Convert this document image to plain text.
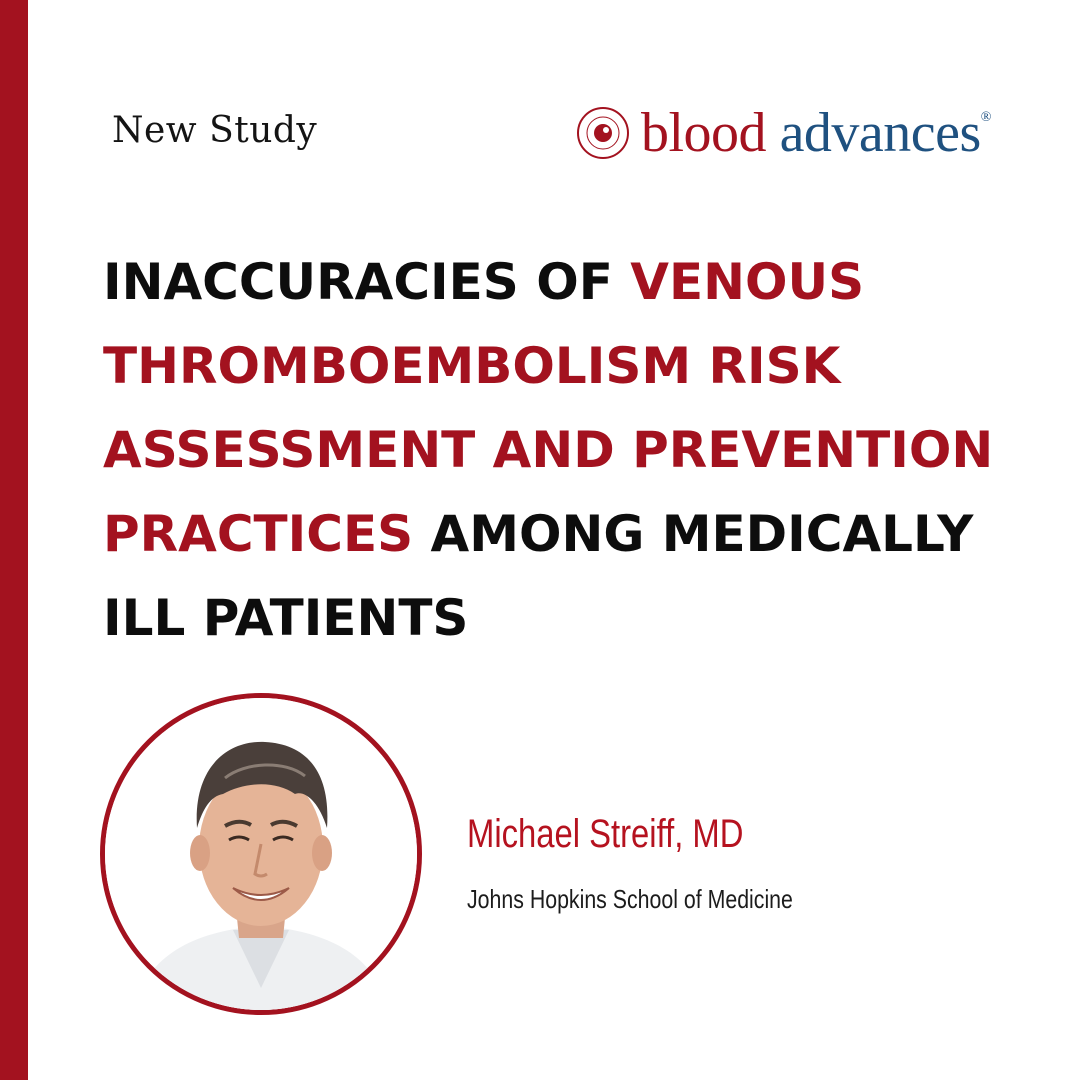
New Study	blood advances®
INACCURACIES OF VENOUS
THROMBOEMBOLISM RISK
ASSESSMENT AND PREVENTION
PRACTICES AMONG MEDICALLY
ILL PATIENTS
Michael Streiff, MD
Johns Hopkins School of Medicine
